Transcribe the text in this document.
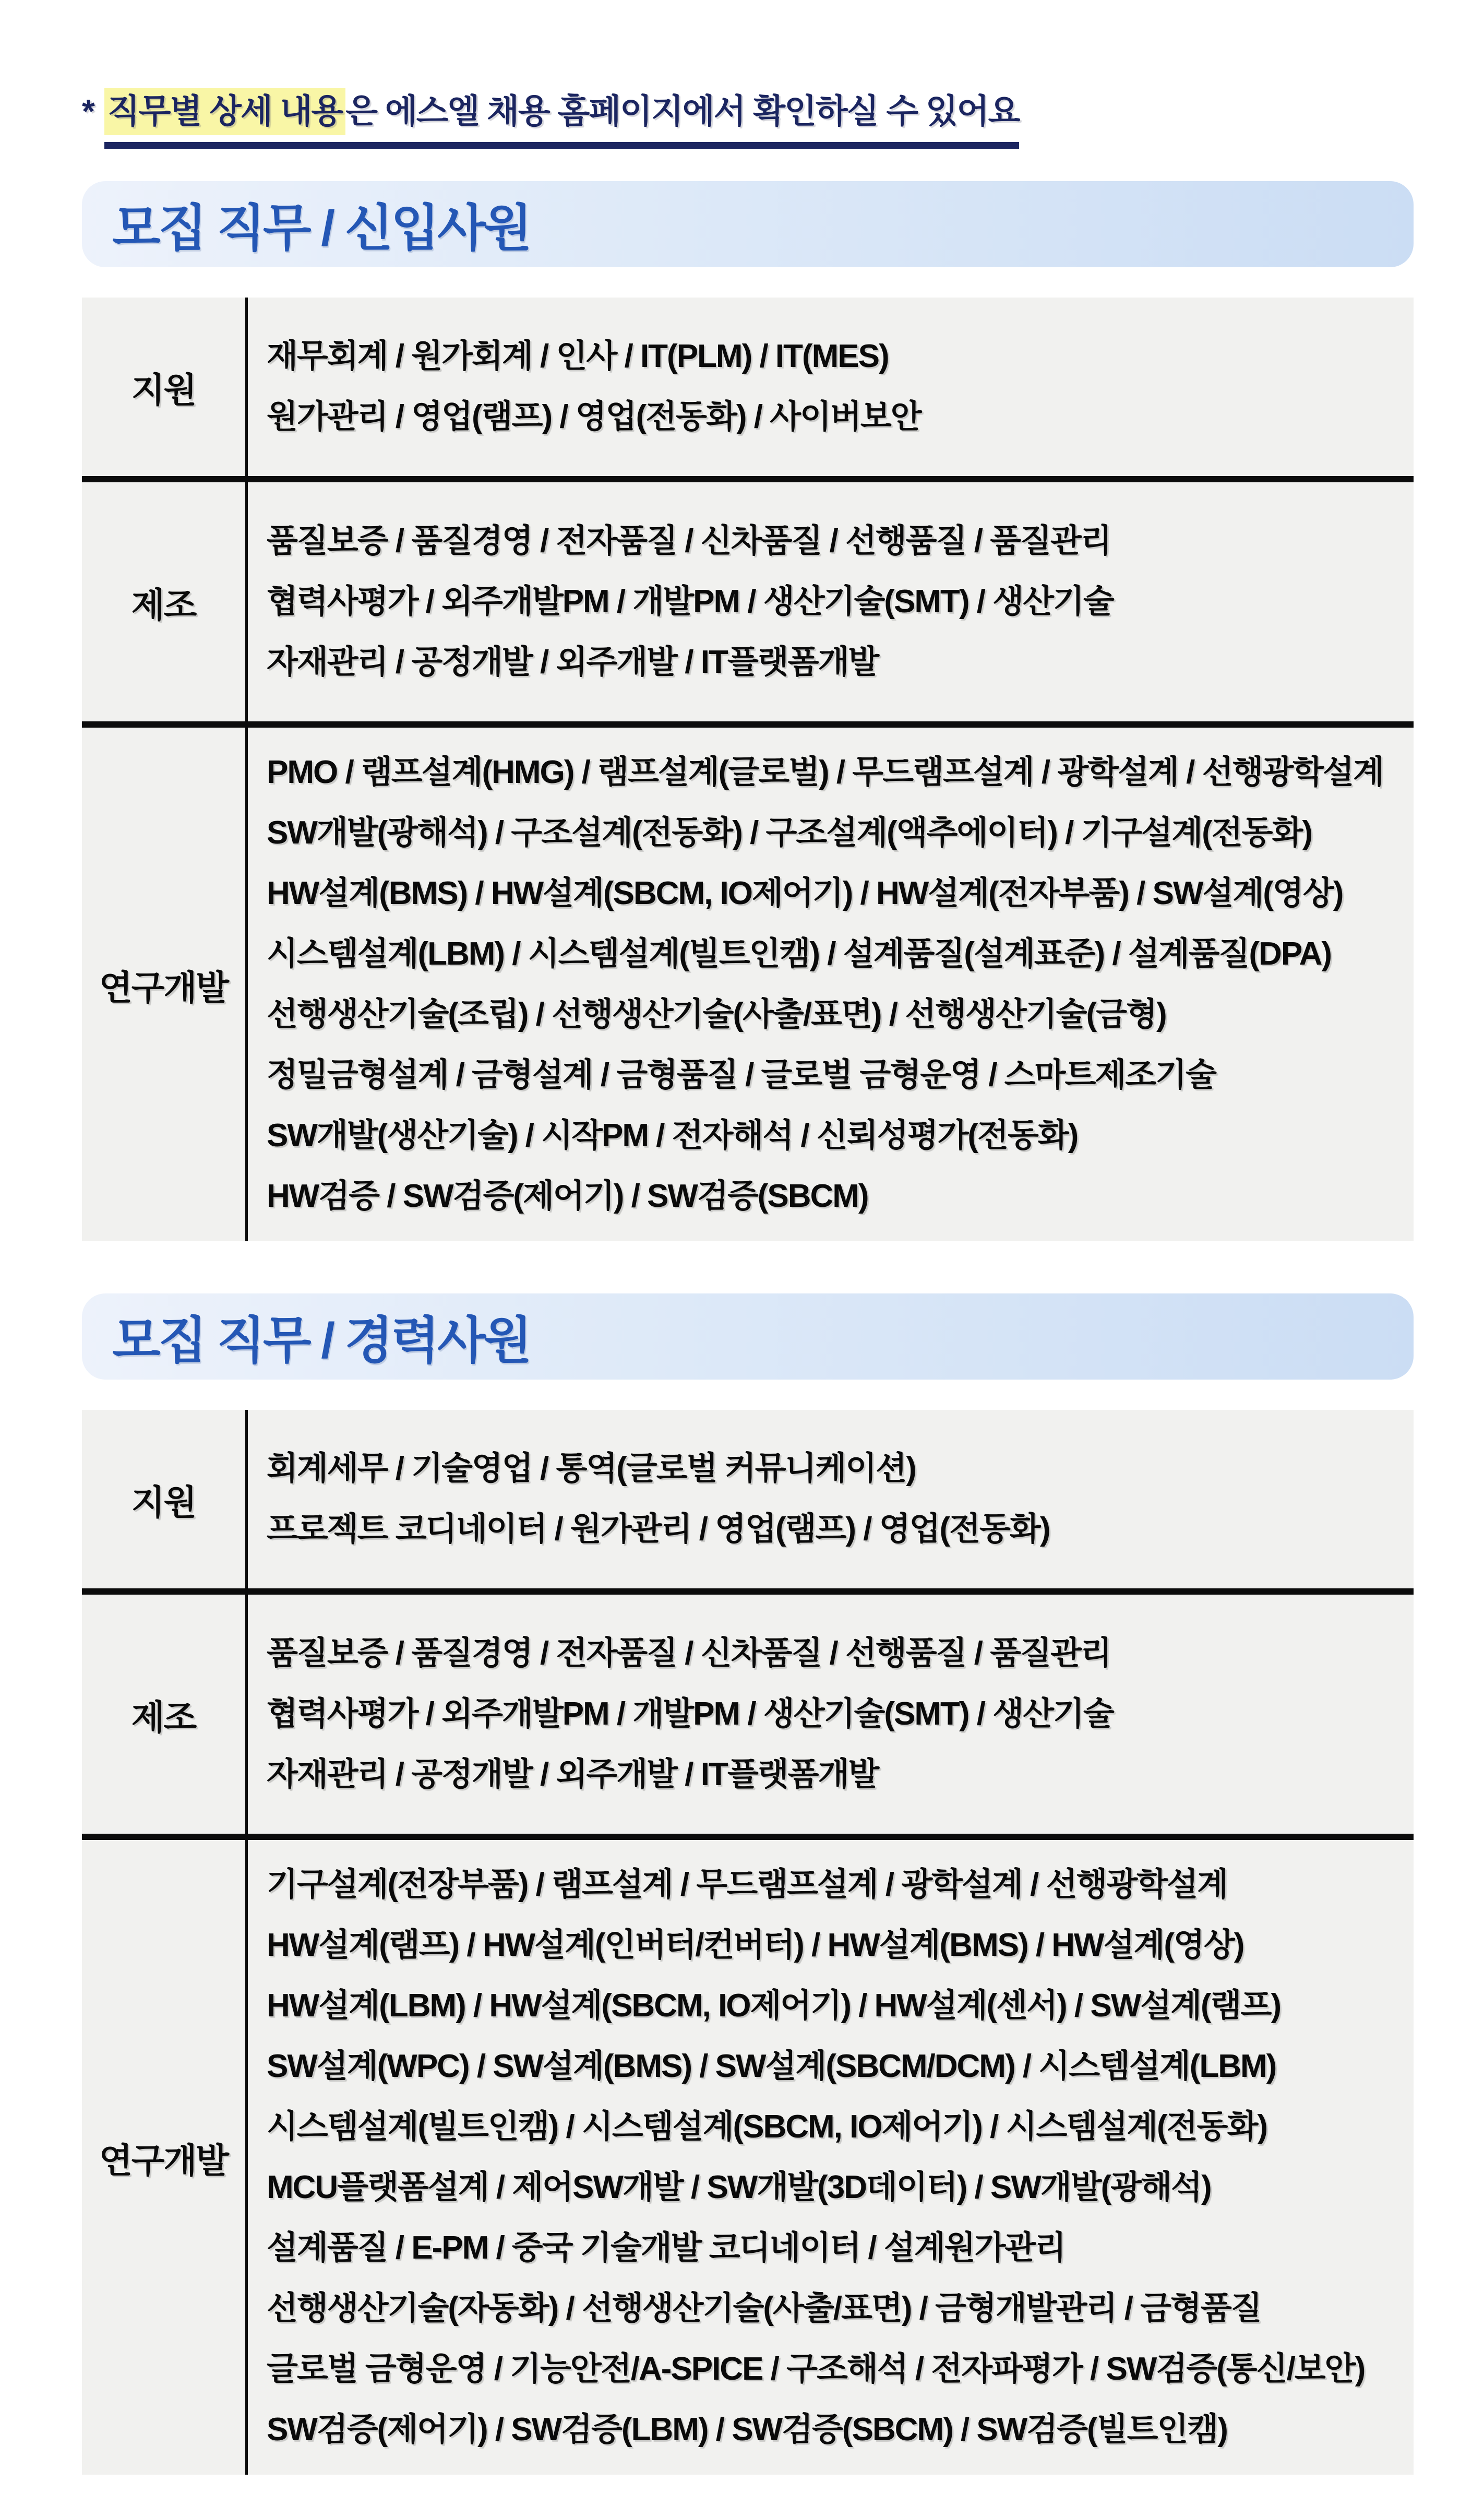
* 직무별 상세 내용은 에스엘 채용 홈페이지에서 확인하실 수 있어요
모집 직무 / 신입사원
지원
재무회계 / 원가회계 / 인사 / IT(PLM) / IT(MES)
원가관리 / 영업(램프) / 영업(전동화) / 사이버보안
제조
품질보증 / 품질경영 / 전자품질 / 신차품질 / 선행품질 / 품질관리
협력사평가 / 외주개발PM / 개발PM / 생산기술(SMT) / 생산기술
자재관리 / 공정개발 / 외주개발 / IT플랫폼개발
연구개발
PMO / 램프설계(HMG) / 램프설계(글로벌) / 무드램프설계 / 광학설계 / 선행광학설계
SW개발(광해석) / 구조설계(전동화) / 구조설계(액추에이터) / 기구설계(전동화)
HW설계(BMS) / HW설계(SBCM, IO제어기) / HW설계(전자부품) / SW설계(영상)
시스템설계(LBM) / 시스템설계(빌트인캠) / 설계품질(설계표준) / 설계품질(DPA)
선행생산기술(조립) / 선행생산기술(사출/표면) / 선행생산기술(금형)
정밀금형설계 / 금형설계 / 금형품질 / 글로벌 금형운영 / 스마트제조기술
SW개발(생산기술) / 시작PM / 전자해석 / 신뢰성평가(전동화)
HW검증 / SW검증(제어기) / SW검증(SBCM)
모집 직무 / 경력사원
지원
회계세무 / 기술영업 / 통역(글로벌 커뮤니케이션)
프로젝트 코디네이터 / 원가관리 / 영업(램프) / 영업(전동화)
제조
품질보증 / 품질경영 / 전자품질 / 신차품질 / 선행품질 / 품질관리
협력사평가 / 외주개발PM / 개발PM / 생산기술(SMT) / 생산기술
자재관리 / 공정개발 / 외주개발 / IT플랫폼개발
연구개발
기구설계(전장부품) / 램프설계 / 무드램프설계 / 광학설계 / 선행광학설계
HW설계(램프) / HW설계(인버터/컨버터) / HW설계(BMS) / HW설계(영상)
HW설계(LBM) / HW설계(SBCM, IO제어기) / HW설계(센서) / SW설계(램프)
SW설계(WPC) / SW설계(BMS) / SW설계(SBCM/DCM) / 시스템설계(LBM)
시스템설계(빌트인캠) / 시스템설계(SBCM, IO제어기) / 시스템설계(전동화)
MCU플랫폼설계 / 제어SW개발 / SW개발(3D데이터) / SW개발(광해석)
설계품질 / E-PM / 중국 기술개발 코디네이터 / 설계원가관리
선행생산기술(자동화) / 선행생산기술(사출/표면) / 금형개발관리 / 금형품질
글로벌 금형운영 / 기능안전/A-SPICE / 구조해석 / 전자파평가 / SW검증(통신/보안)
SW검증(제어기) / SW검증(LBM) / SW검증(SBCM) / SW검증(빌트인캠)
